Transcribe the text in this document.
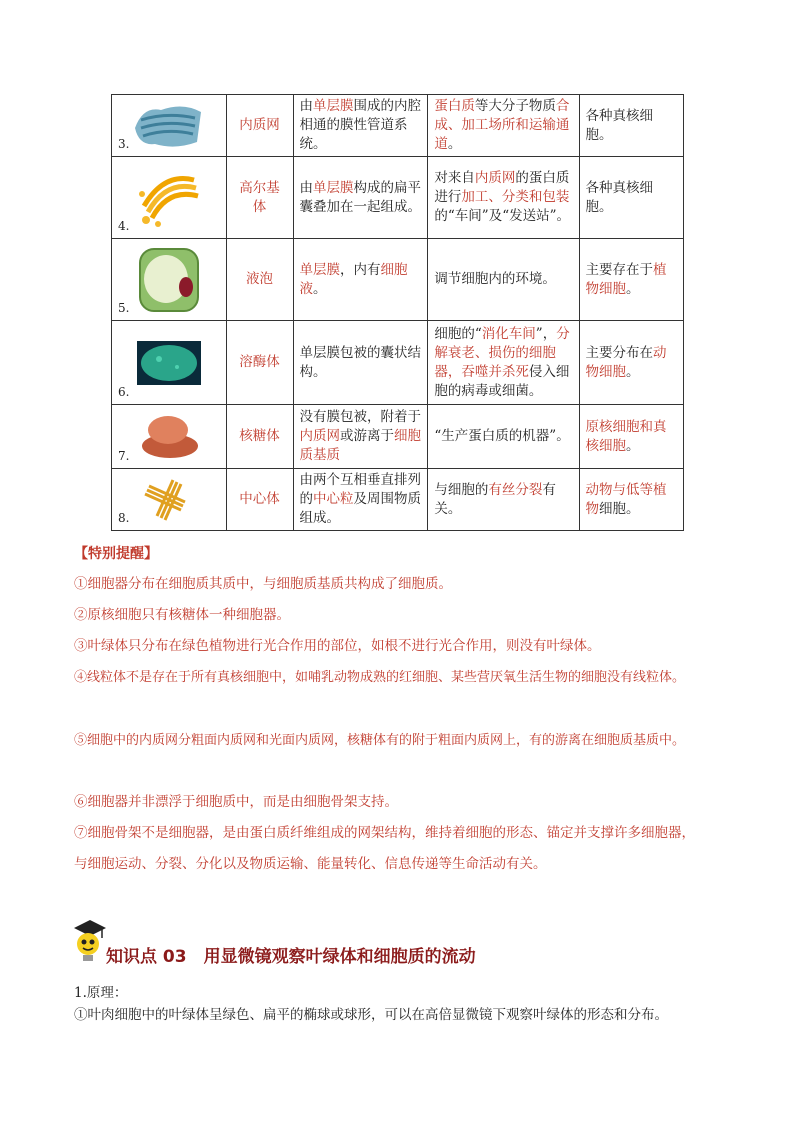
3.	内质网	由单层膜围成的内腔相通的膜性管道系统。	蛋白质等大分子物质合成、加工场所和运输通道。	各种真核细胞。

4.	高尔基体	由单层膜构成的扁平囊叠加在一起组成。	对来自内质网的蛋白质进行加工、分类和包装的“车间”及“发送站”。	各种真核细胞。

5.	液泡	单层膜，内有细胞液。	调节细胞内的环境。	主要存在于植物细胞。

6.	溶酶体	单层膜包被的囊状结构。	细胞的“消化车间”，分解衰老、损伤的细胞器，吞噬并杀死侵入细胞的病毒或细菌。	主要分布在动物细胞。

7.	核糖体	没有膜包被，附着于内质网或游离于细胞质基质	“生产蛋白质的机器”。	原核细胞和真核细胞。

8.	中心体	由两个互相垂直排列的中心粒及周围物质组成。	与细胞的有丝分裂有关。	动物与低等植物细胞。
【特别提醒】
①细胞器分布在细胞质其质中，与细胞质基质共构成了细胞质。
②原核细胞只有核糖体一种细胞器。
③叶绿体只分布在绿色植物进行光合作用的部位，如根不进行光合作用，则没有叶绿体。
④线粒体不是存在于所有真核细胞中，如哺乳动物成熟的红细胞、某些营厌氧生活生物的细胞没有线粒体。
⑤细胞中的内质网分粗面内质网和光面内质网，核糖体有的附于粗面内质网上，有的游离在细胞质基质中。
⑥细胞器并非漂浮于细胞质中，而是由细胞骨架支持。
⑦细胞骨架不是细胞器，是由蛋白质纤维组成的网架结构，维持着细胞的形态、锚定并支撑许多细胞器，
与细胞运动、分裂、分化以及物质运输、能量转化、信息传递等生命活动有关。
知识点 03　用显微镜观察叶绿体和细胞质的流动
1.原理：
①叶肉细胞中的叶绿体呈绿色、扁平的椭球或球形，可以在高倍显微镜下观察叶绿体的形态和分布。
